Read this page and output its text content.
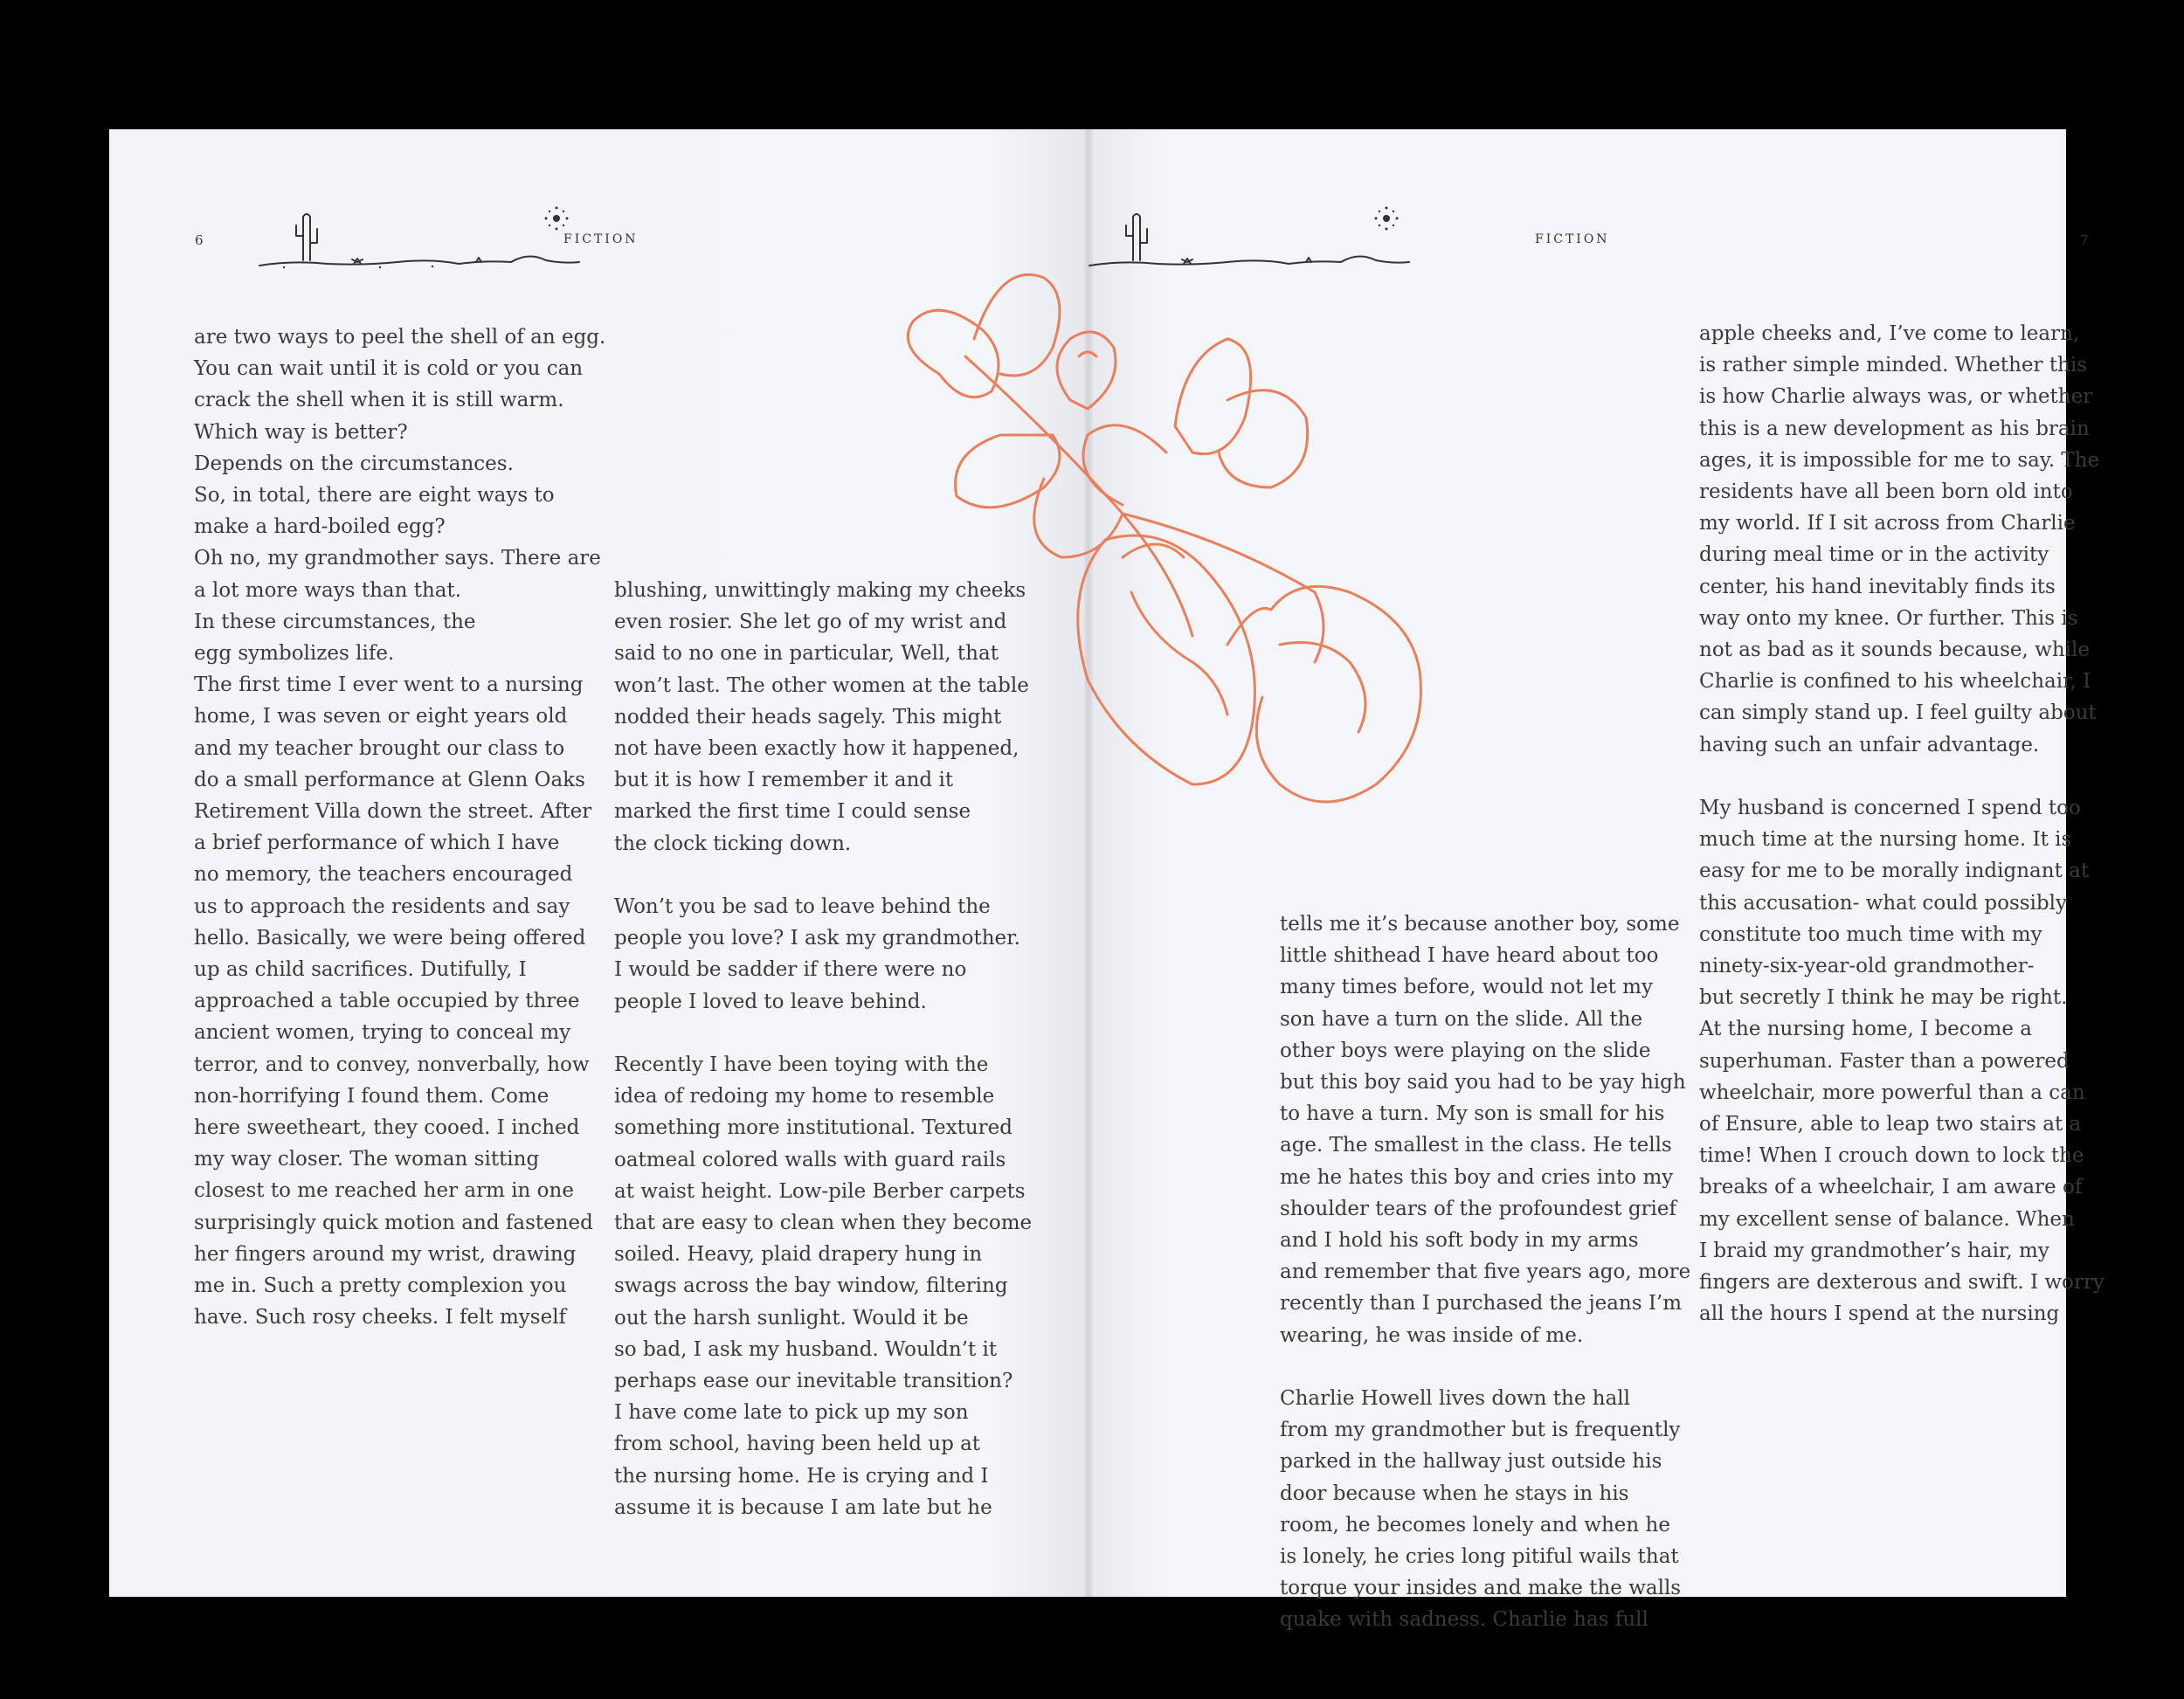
6	FICTION

are two ways to peel the shell of an egg.

You can wait until it is cold or you can

crack the shell when it is still warm.

Which way is better?

Depends on the circumstances.

So, in total, there are eight ways to

make a hard-boiled egg?

Oh no, my grandmother says. There are

a lot more ways than that.

In these circumstances, the

egg symbolizes life.

The first time I ever went to a nursing

home, I was seven or eight years old

and my teacher brought our class to

do a small performance at Glenn Oaks

Retirement Villa down the street. After

a brief performance of which I have

no memory, the teachers encouraged

us to approach the residents and say

hello. Basically, we were being offered

up as child sacrifices. Dutifully, I

approached a table occupied by three

ancient women, trying to conceal my

terror, and to convey, nonverbally, how

non-horrifying I found them. Come

here sweetheart, they cooed. I inched

my way closer. The woman sitting

closest to me reached her arm in one

surprisingly quick motion and fastened

her fingers around my wrist, drawing

me in. Such a pretty complexion you

have. Such rosy cheeks. I felt myself

blushing, unwittingly making my cheeks

even rosier. She let go of my wrist and

said to no one in particular, Well, that

won’t last. The other women at the table

nodded their heads sagely. This might

not have been exactly how it happened,

but it is how I remember it and it

marked the first time I could sense

the clock ticking down.

Won’t you be sad to leave behind the

people you love? I ask my grandmother.

I would be sadder if there were no

people I loved to leave behind.

Recently I have been toying with the

idea of redoing my home to resemble

something more institutional. Textured

oatmeal colored walls with guard rails

at waist height. Low-pile Berber carpets

that are easy to clean when they become

soiled. Heavy, plaid drapery hung in

swags across the bay window, filtering

out the harsh sunlight. Would it be

so bad, I ask my husband. Wouldn’t it

perhaps ease our inevitable transition?

I have come late to pick up my son

from school, having been held up at

the nursing home. He is crying and I

assume it is because I am late but he

FICTION	7

tells me it’s because another boy, some

little shithead I have heard about too

many times before, would not let my

son have a turn on the slide. All the

other boys were playing on the slide

but this boy said you had to be yay high

to have a turn. My son is small for his

age. The smallest in the class. He tells

me he hates this boy and cries into my

shoulder tears of the profoundest grief

and I hold his soft body in my arms

and remember that five years ago, more

recently than I purchased the jeans I’m

wearing, he was inside of me.

Charlie Howell lives down the hall

from my grandmother but is frequently

parked in the hallway just outside his

door because when he stays in his

room, he becomes lonely and when he

is lonely, he cries long pitiful wails that

torque your insides and make the walls

quake with sadness. Charlie has full

apple cheeks and, I’ve come to learn,

is rather simple minded. Whether this

is how Charlie always was, or whether

this is a new development as his brain

ages, it is impossible for me to say. The

residents have all been born old into

my world. If I sit across from Charlie

during meal time or in the activity

center, his hand inevitably finds its

way onto my knee. Or further. This is

not as bad as it sounds because, while

Charlie is confined to his wheelchair, I

can simply stand up. I feel guilty about

having such an unfair advantage.

My husband is concerned I spend too

much time at the nursing home. It is

easy for me to be morally indignant at

this accusation- what could possibly

constitute too much time with my

ninety-six-year-old grandmother-

but secretly I think he may be right.

At the nursing home, I become a

superhuman. Faster than a powered

wheelchair, more powerful than a can

of Ensure, able to leap two stairs at a

time! When I crouch down to lock the

breaks of a wheelchair, I am aware of

my excellent sense of balance. When

I braid my grandmother’s hair, my

fingers are dexterous and swift. I worry

all the hours I spend at the nursing
